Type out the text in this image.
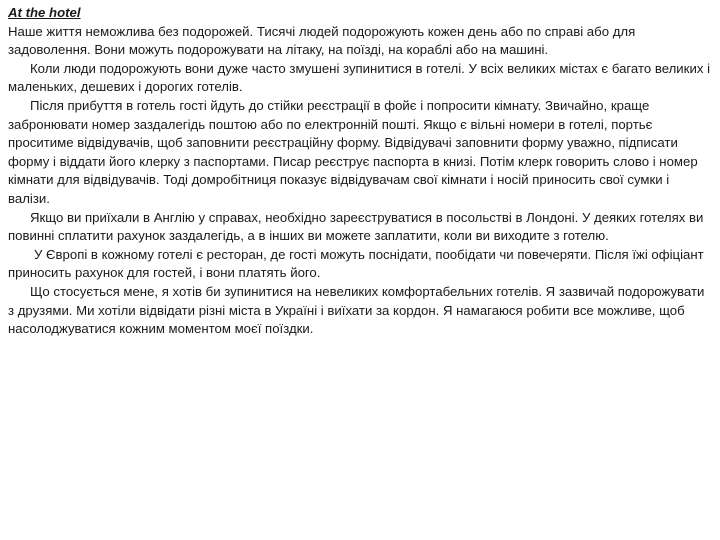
At the hotel

Наше життя неможлива без подорожей. Тисячі людей подорожують кожен день або по справі або для задоволення. Вони можуть подорожувати на літаку, на поїзді, на кораблі або на машині.

Коли люди подорожують вони дуже часто змушені зупинитися в готелі. У всіх великих містах є багато великих і маленьких, дешевих і дорогих готелів.

Після прибуття в готель гості йдуть до стійки реєстрації в фойє і попросити кімнату. Звичайно, краще забронювати номер заздалегідь поштою або по електронній пошті. Якщо є вільні номери в готелі, портьє проситиме відвідувачів, щоб заповнити реєстраційну форму. Відвідувачі заповнити форму уважно, підписати форму і віддати його клерку з паспортами. Писар реєструє паспорта в книзі. Потім клерк говорить слово і номер кімнати для відвідувачів. Тоді домробітниця показує відвідувачам свої кімнати і носій приносить свої сумки і валізи.

Якщо ви приїхали в Англію у справах, необхідно зареєструватися в посольстві в Лондоні. У деяких готелях ви повинні сплатити рахунок заздалегідь, а в інших ви можете заплатити, коли ви виходите з готелю.

У Європі в кожному готелі є ресторан, де гості можуть поснідати, пообідати чи повечеряти. Після їжі офіціант приносить рахунок для гостей, і вони платять його.

Що стосується мене, я хотів би зупинитися на невеликих комфортабельних готелів. Я зазвичай подорожувати з друзями. Ми хотіли відвідати різні міста в Україні і виїхати за кордон. Я намагаюся робити все можливе, щоб насолоджуватися кожним моментом моєї поїздки.
